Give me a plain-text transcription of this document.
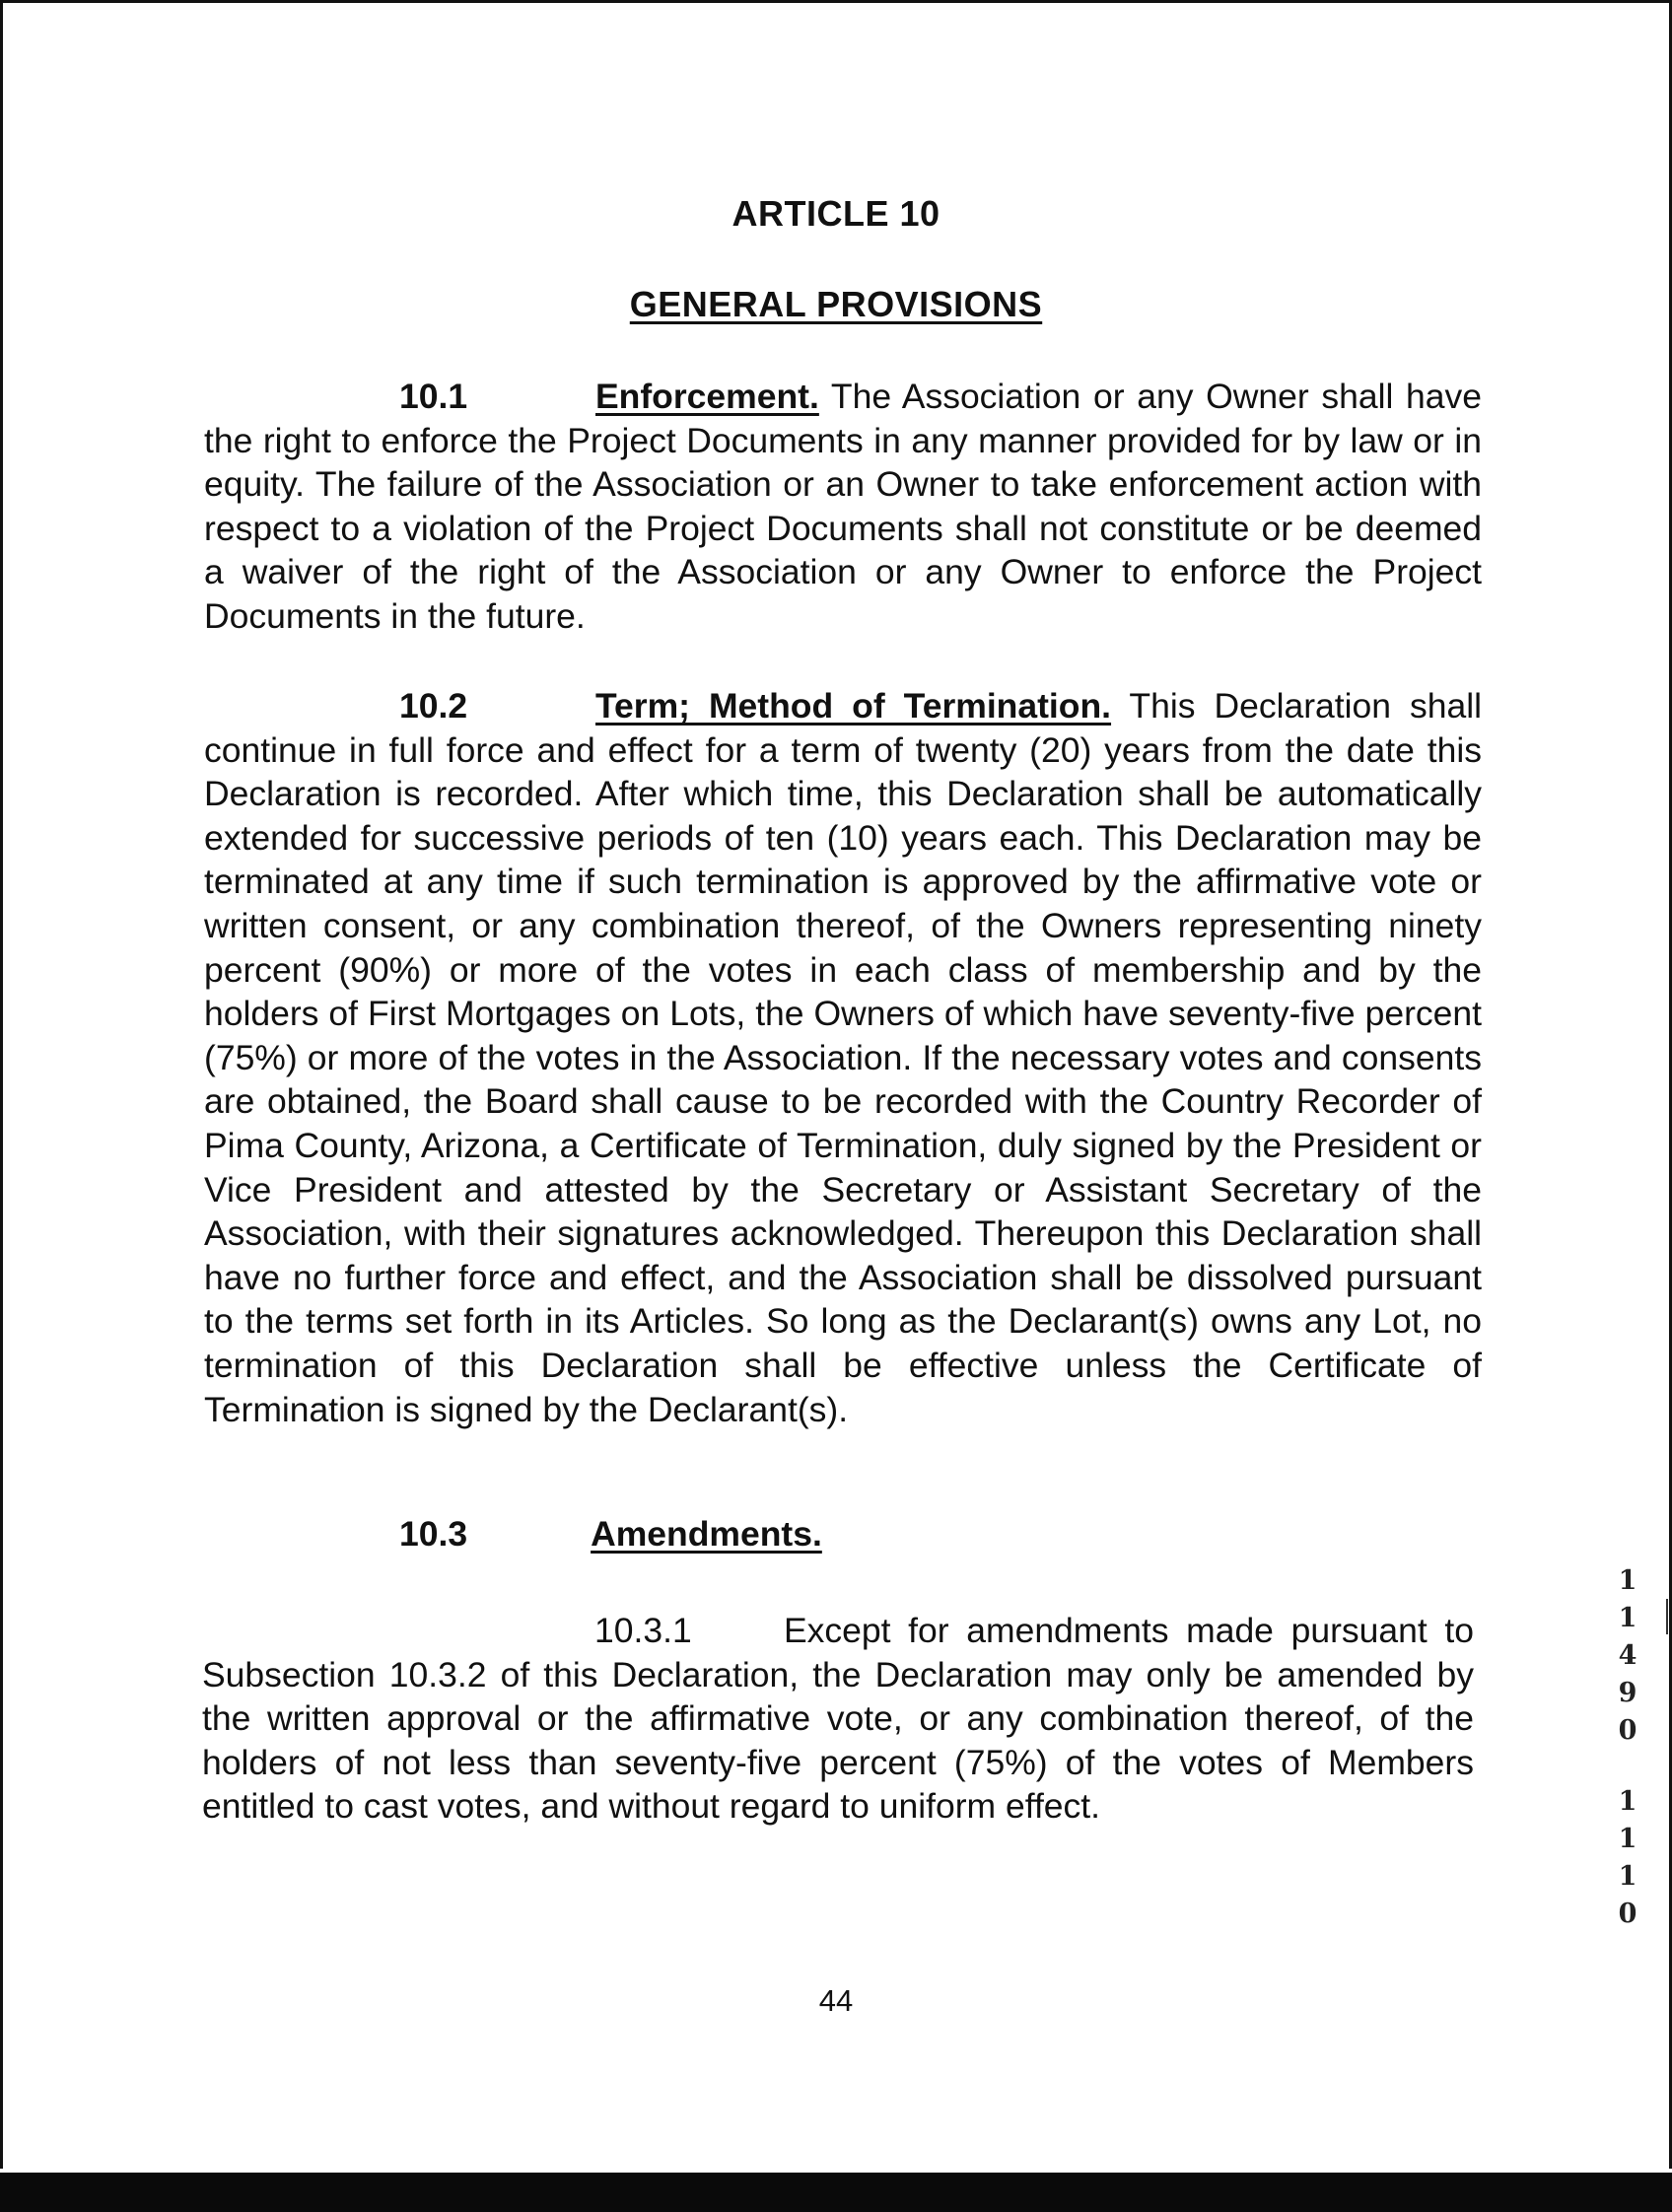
ARTICLE 10
GENERAL PROVISIONS
10.1	Enforcement. The Association or any Owner shall have the right to enforce the Project Documents in any manner provided for by law or in equity. The failure of the Association or an Owner to take enforcement action with respect to a violation of the Project Documents shall not constitute or be deemed a waiver of the right of the Association or any Owner to enforce the Project Documents in the future.
10.2	Term; Method of Termination. This Declaration shall continue in full force and effect for a term of twenty (20) years from the date this Declaration is recorded. After which time, this Declaration shall be automatically extended for successive periods of ten (10) years each. This Declaration may be terminated at any time if such termination is approved by the affirmative vote or written consent, or any combination thereof, of the Owners representing ninety percent (90%) or more of the votes in each class of membership and by the holders of First Mortgages on Lots, the Owners of which have seventy-five percent (75%) or more of the votes in the Association. If the necessary votes and consents are obtained, the Board shall cause to be recorded with the Country Recorder of Pima County, Arizona, a Certificate of Termination, duly signed by the President or Vice President and attested by the Secretary or Assistant Secretary of the Association, with their signatures acknowledged. Thereupon this Declaration shall have no further force and effect, and the Association shall be dissolved pursuant to the terms set forth in its Articles. So long as the Declarant(s) owns any Lot, no termination of this Declaration shall be effective unless the Certificate of Termination is signed by the Declarant(s).
10.3	Amendments.
10.3.1	Except for amendments made pursuant to Subsection 10.3.2 of this Declaration, the Declaration may only be amended by the written approval or the affirmative vote, or any combination thereof, of the holders of not less than seventy-five percent (75%) of the votes of Members entitled to cast votes, and without regard to uniform effect.
44
1
1
4
9
0
1
1
1
0
